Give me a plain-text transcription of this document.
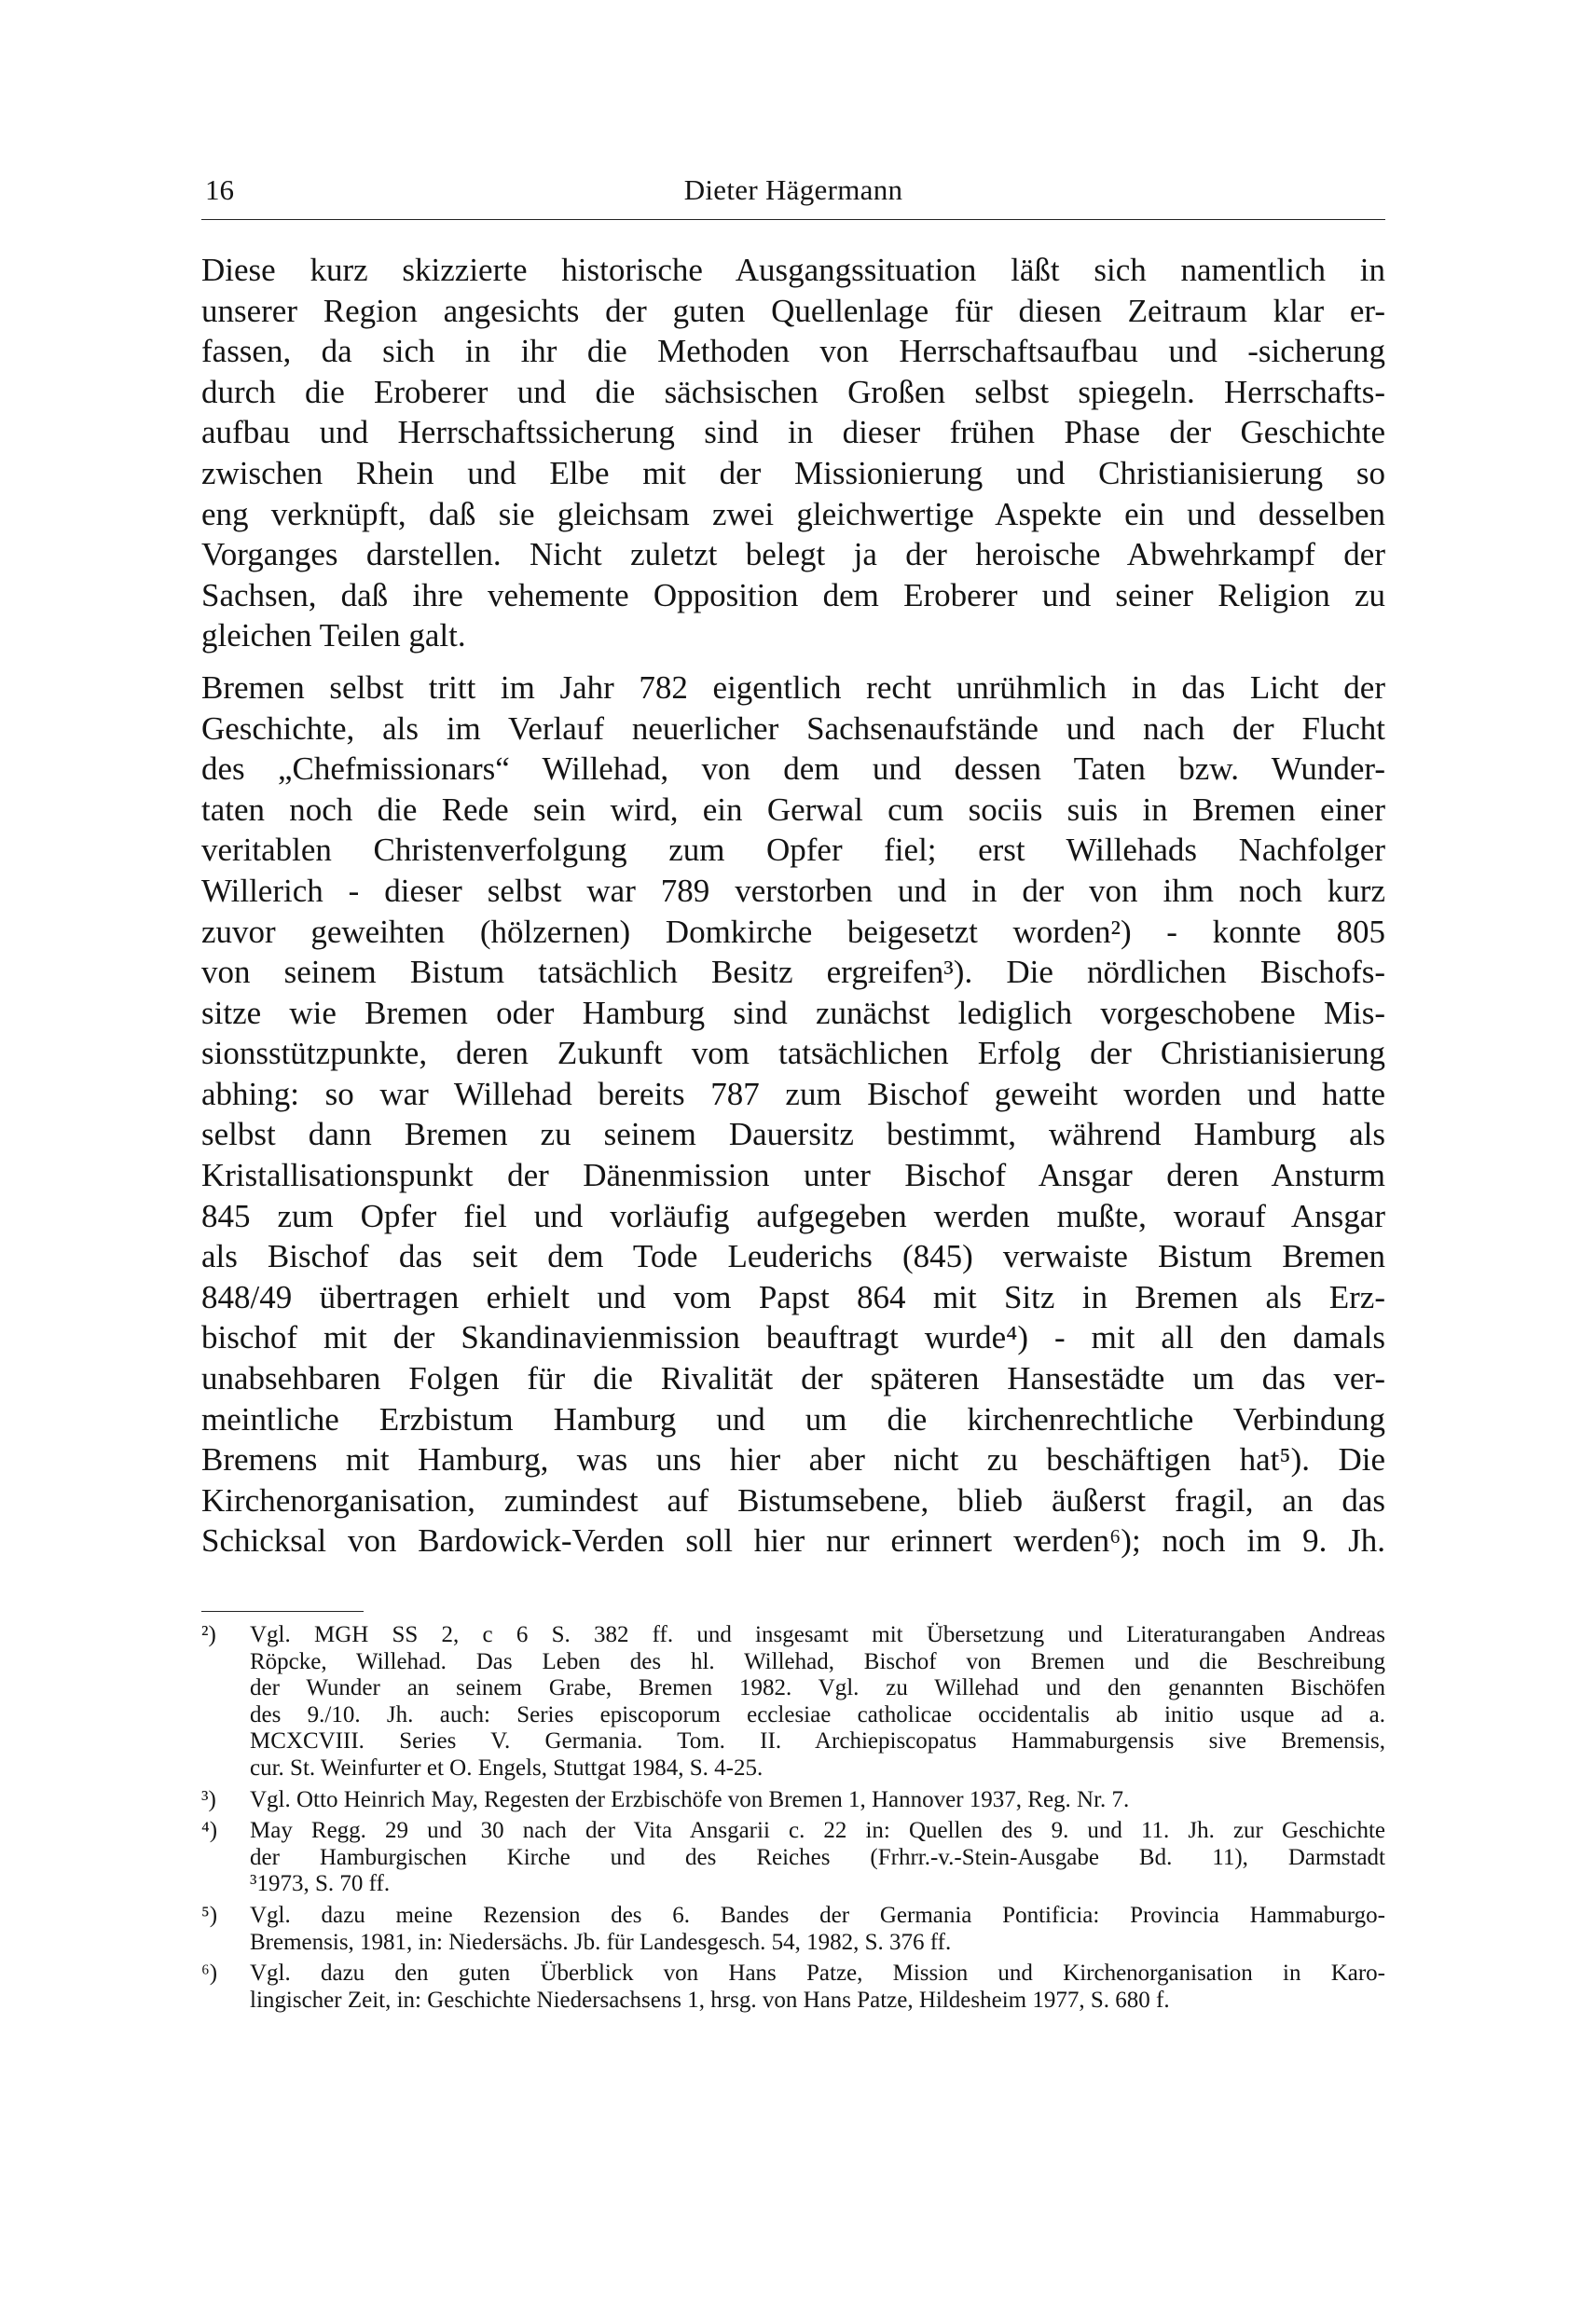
16	Dieter Hägermann

Diese kurz skizzierte historische Ausgangssituation läßt sich namentlich in
unserer Region angesichts der guten Quellenlage für diesen Zeitraum klar er-
fassen, da sich in ihr die Methoden von Herrschaftsaufbau und -sicherung
durch die Eroberer und die sächsischen Großen selbst spiegeln. Herrschafts-
aufbau und Herrschaftssicherung sind in dieser frühen Phase der Geschichte
zwischen Rhein und Elbe mit der Missionierung und Christianisierung so
eng verknüpft, daß sie gleichsam zwei gleichwertige Aspekte ein und desselben
Vorganges darstellen. Nicht zuletzt belegt ja der heroische Abwehrkampf der
Sachsen, daß ihre vehemente Opposition dem Eroberer und seiner Religion zu
gleichen Teilen galt.

Bremen selbst tritt im Jahr 782 eigentlich recht unrühmlich in das Licht der
Geschichte, als im Verlauf neuerlicher Sachsenaufstände und nach der Flucht
des „Chefmissionars“ Willehad, von dem und dessen Taten bzw. Wunder-
taten noch die Rede sein wird, ein Gerwal cum sociis suis in Bremen einer
veritablen Christenverfolgung zum Opfer fiel; erst Willehads Nachfolger
Willerich - dieser selbst war 789 verstorben und in der von ihm noch kurz
zuvor geweihten (hölzernen) Domkirche beigesetzt worden²) - konnte 805
von seinem Bistum tatsächlich Besitz ergreifen³). Die nördlichen Bischofs-
sitze wie Bremen oder Hamburg sind zunächst lediglich vorgeschobene Mis-
sionsstützpunkte, deren Zukunft vom tatsächlichen Erfolg der Christianisierung
abhing: so war Willehad bereits 787 zum Bischof geweiht worden und hatte
selbst dann Bremen zu seinem Dauersitz bestimmt, während Hamburg als
Kristallisationspunkt der Dänenmission unter Bischof Ansgar deren Ansturm
845 zum Opfer fiel und vorläufig aufgegeben werden mußte, worauf Ansgar
als Bischof das seit dem Tode Leuderichs (845) verwaiste Bistum Bremen
848/49 übertragen erhielt und vom Papst 864 mit Sitz in Bremen als Erz-
bischof mit der Skandinavienmission beauftragt wurde⁴) - mit all den damals
unabsehbaren Folgen für die Rivalität der späteren Hansestädte um das ver-
meintliche Erzbistum Hamburg und um die kirchenrechtliche Verbindung
Bremens mit Hamburg, was uns hier aber nicht zu beschäftigen hat⁵). Die
Kirchenorganisation, zumindest auf Bistumsebene, blieb äußerst fragil, an das
Schicksal von Bardowick-Verden soll hier nur erinnert werden⁶); noch im 9. Jh.

²)	Vgl. MGH SS 2, c 6 S. 382 ff. und insgesamt mit Übersetzung und Literaturangaben Andreas
Röpcke, Willehad. Das Leben des hl. Willehad, Bischof von Bremen und die Beschreibung
der Wunder an seinem Grabe, Bremen 1982. Vgl. zu Willehad und den genannten Bischöfen
des 9./10. Jh. auch: Series episcoporum ecclesiae catholicae occidentalis ab initio usque ad a.
MCXCVIII. Series V. Germania. Tom. II. Archiepiscopatus Hammaburgensis sive Bremensis,
cur. St. Weinfurter et O. Engels, Stuttgat 1984, S. 4-25.
³)	Vgl. Otto Heinrich May, Regesten der Erzbischöfe von Bremen 1, Hannover 1937, Reg. Nr. 7.
⁴)	May Regg. 29 und 30 nach der Vita Ansgarii c. 22 in: Quellen des 9. und 11. Jh. zur Geschichte
der Hamburgischen Kirche und des Reiches (Frhrr.-v.-Stein-Ausgabe Bd. 11), Darmstadt
³1973, S. 70 ff.
⁵)	Vgl. dazu meine Rezension des 6. Bandes der Germania Pontificia: Provincia Hammaburgo-
Bremensis, 1981, in: Niedersächs. Jb. für Landesgesch. 54, 1982, S. 376 ff.
⁶)	Vgl. dazu den guten Überblick von Hans Patze, Mission und Kirchenorganisation in Karo-
lingischer Zeit, in: Geschichte Niedersachsens 1, hrsg. von Hans Patze, Hildesheim 1977, S. 680 f.
